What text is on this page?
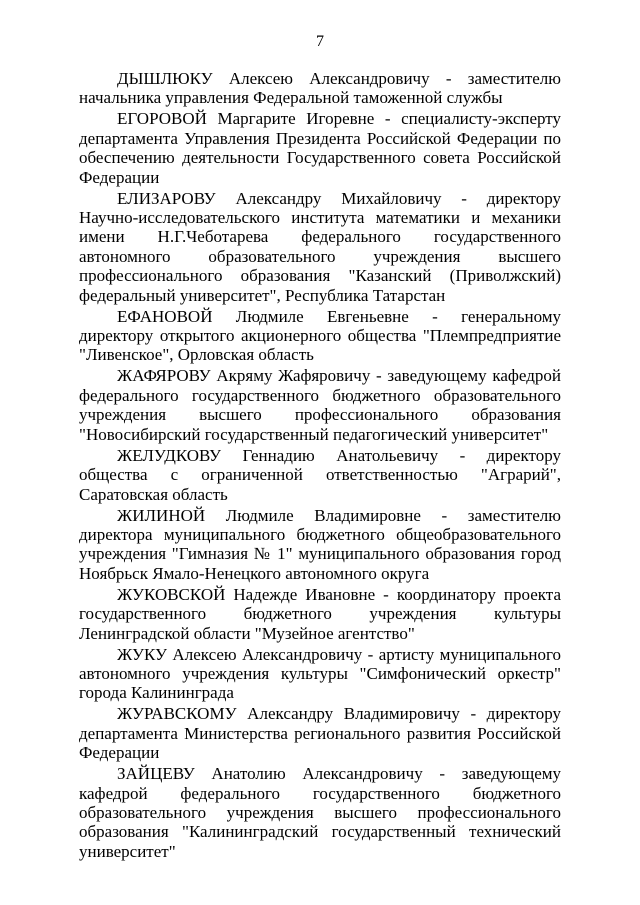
7

ДЫШЛЮКУ Алексею Александровичу - заместителю начальника управления Федеральной таможенной службы

ЕГОРОВОЙ Маргарите Игоревне - специалисту-эксперту департамента Управления Президента Российской Федерации по обеспечению деятельности Государственного совета Российской Федерации

ЕЛИЗАРОВУ Александру Михайловичу - директору Научно-исследовательского института математики и механики имени Н.Г.Чеботарева федерального государственного автономного образовательного учреждения высшего профессионального образования "Казанский (Приволжский) федеральный университет", Республика Татарстан

ЕФАНОВОЙ Людмиле Евгеньевне - генеральному директору открытого акционерного общества "Племпредприятие "Ливенское", Орловская область

ЖАФЯРОВУ Акряму Жафяровичу - заведующему кафедрой федерального государственного бюджетного образовательного учреждения высшего профессионального образования "Новосибирский государственный педагогический университет"

ЖЕЛУДКОВУ Геннадию Анатольевичу - директору общества с ограниченной ответственностью "Аграрий", Саратовская область

ЖИЛИНОЙ Людмиле Владимировне - заместителю директора муниципального бюджетного общеобразовательного учреждения "Гимназия № 1" муниципального образования город Ноябрьск Ямало-Ненецкого автономного округа

ЖУКОВСКОЙ Надежде Ивановне - координатору проекта государственного бюджетного учреждения культуры Ленинградской области "Музейное агентство"

ЖУКУ Алексею Александровичу - артисту муниципального автономного учреждения культуры "Симфонический оркестр" города Калининграда

ЖУРАВСКОМУ Александру Владимировичу - директору департамента Министерства регионального развития Российской Федерации

ЗАЙЦЕВУ Анатолию Александровичу - заведующему кафедрой федерального государственного бюджетного образовательного учреждения высшего профессионального образования "Калининградский государственный технический университет"
